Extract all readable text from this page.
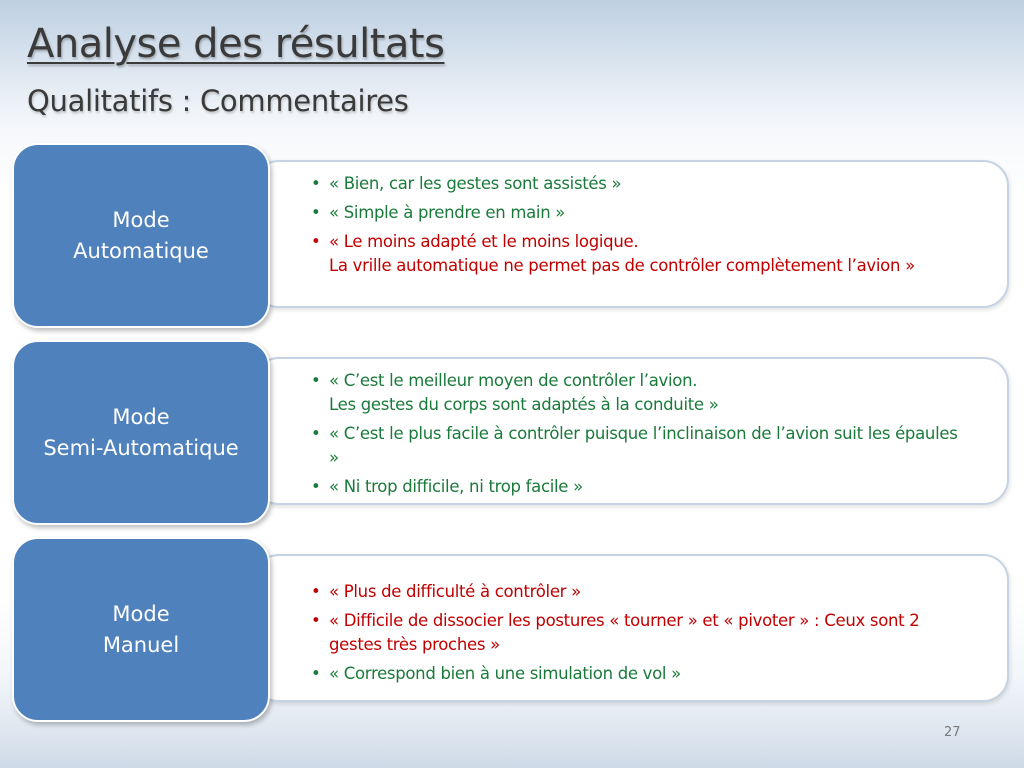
Analyse des résultats
Qualitatifs : Commentaires
• « Bien, car les gestes sont assistés »
• « Simple à prendre en main »
• « Le moins adapté et le moins logique.
La vrille automatique ne permet pas de contrôler complètement l’avion »
Mode
Automatique
• « C’est le meilleur moyen de contrôler l’avion.
Les gestes du corps sont adaptés à la conduite »
• « C’est le plus facile à contrôler puisque l’inclinaison de l’avion suit les épaules »
• « Ni trop difficile, ni trop facile »
Mode
Semi-Automatique
• « Plus de difficulté à contrôler »
• « Difficile de dissocier les postures « tourner » et « pivoter » : Ceux sont 2 gestes très proches »
• « Correspond bien à une simulation de vol »
Mode
Manuel
27
